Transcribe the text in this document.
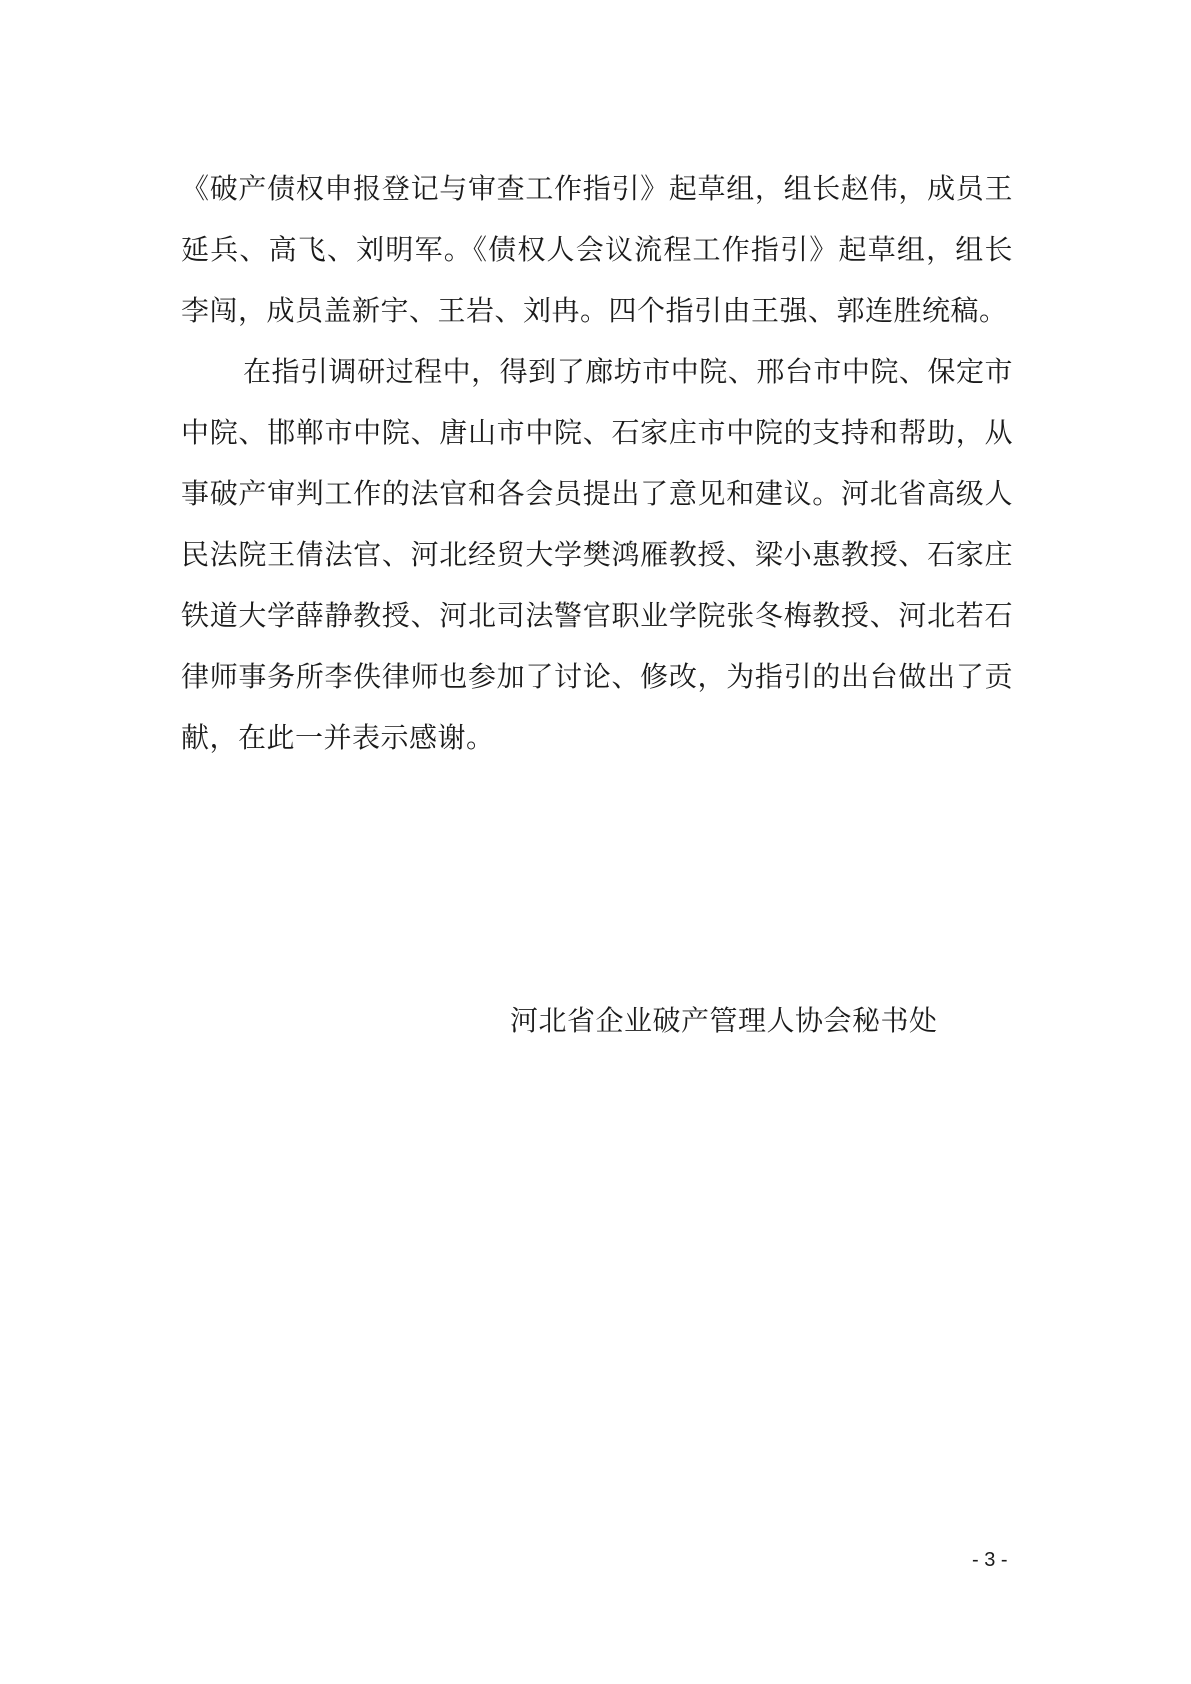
《破产债权申报登记与审查工作指引》起草组，组长赵伟，成员王延兵、高飞、刘明军。《债权人会议流程工作指引》起草组，组长李闯，成员盖新宇、王岩、刘冉。四个指引由王强、郭连胜统稿。

在指引调研过程中，得到了廊坊市中院、邢台市中院、保定市中院、邯郸市中院、唐山市中院、石家庄市中院的支持和帮助，从事破产审判工作的法官和各会员提出了意见和建议。河北省高级人民法院王倩法官、河北经贸大学樊鸿雁教授、梁小惠教授、石家庄铁道大学薛静教授、河北司法警官职业学院张冬梅教授、河北若石律师事务所李佚律师也参加了讨论、修改，为指引的出台做出了贡献，在此一并表示感谢。

河北省企业破产管理人协会秘书处
- 3 -
